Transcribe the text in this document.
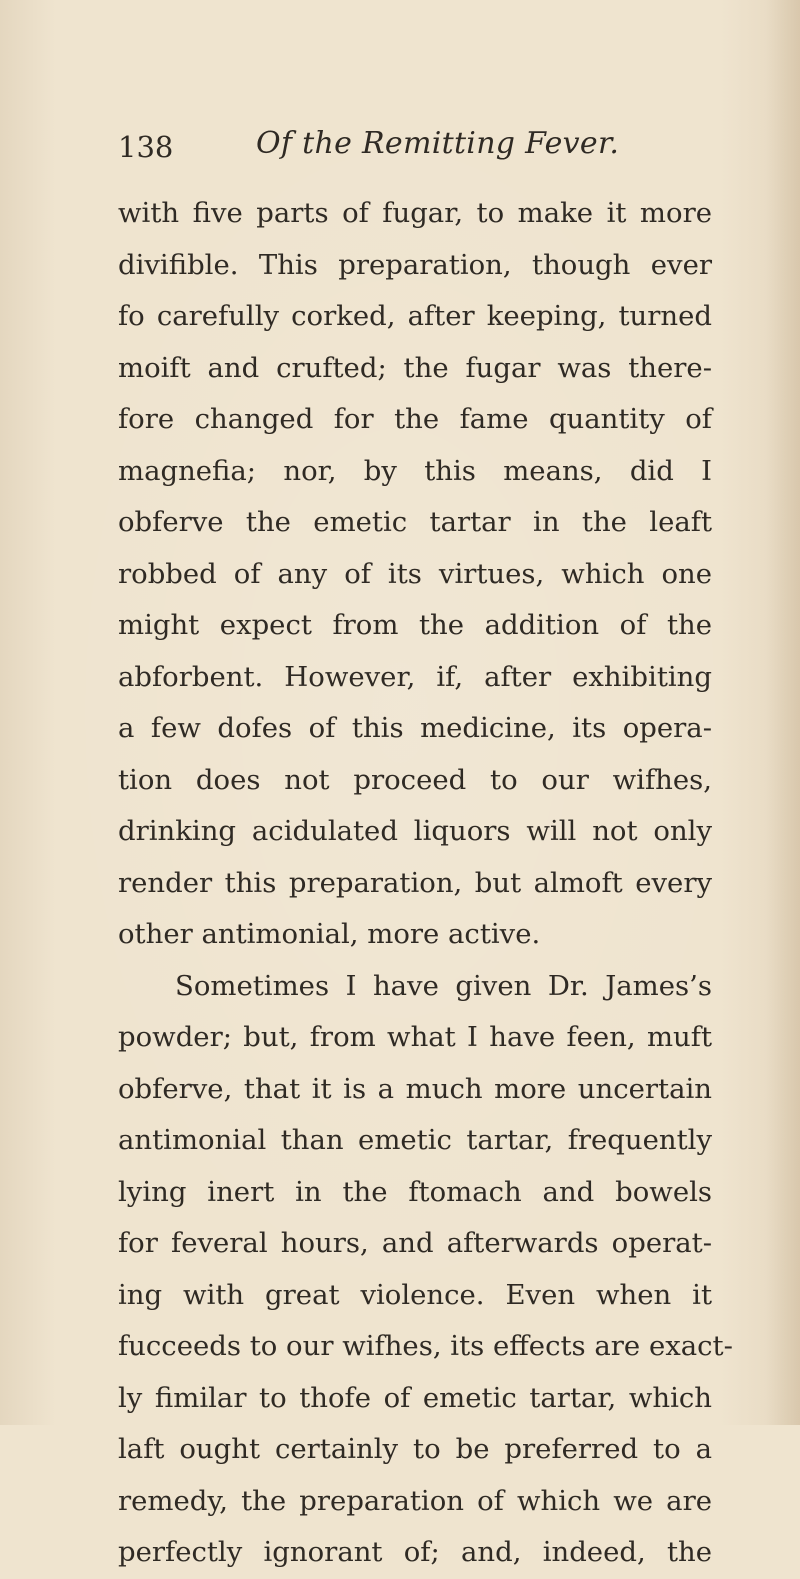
138	Of the Remitting Fever.
with five parts of fugar, to make it more
divifible. This preparation, though ever
fo carefully corked, after keeping, turned
moift and crufted; the fugar was there-
fore changed for the fame quantity of
magnefia; nor, by this means, did I
obferve the emetic tartar in the leaft
robbed of any of its virtues, which one
might expect from the addition of the
abforbent. However, if, after exhibiting
a few dofes of this medicine, its opera-
tion does not proceed to our wifhes,
drinking acidulated liquors will not only
render this preparation, but almoft every
other antimonial, more active.
Sometimes I have given Dr. James’s
powder; but, from what I have feen, muft
obferve, that it is a much more uncertain
antimonial than emetic tartar, frequently
lying inert in the ftomach and bowels
for feveral hours, and afterwards operat-
ing with great violence. Even when it
fucceeds to our wifhes, its effects are exact-
ly fimilar to thofe of emetic tartar, which
laft ought certainly to be preferred to a
remedy, the preparation of which we are
perfectly ignorant of; and, indeed, the
